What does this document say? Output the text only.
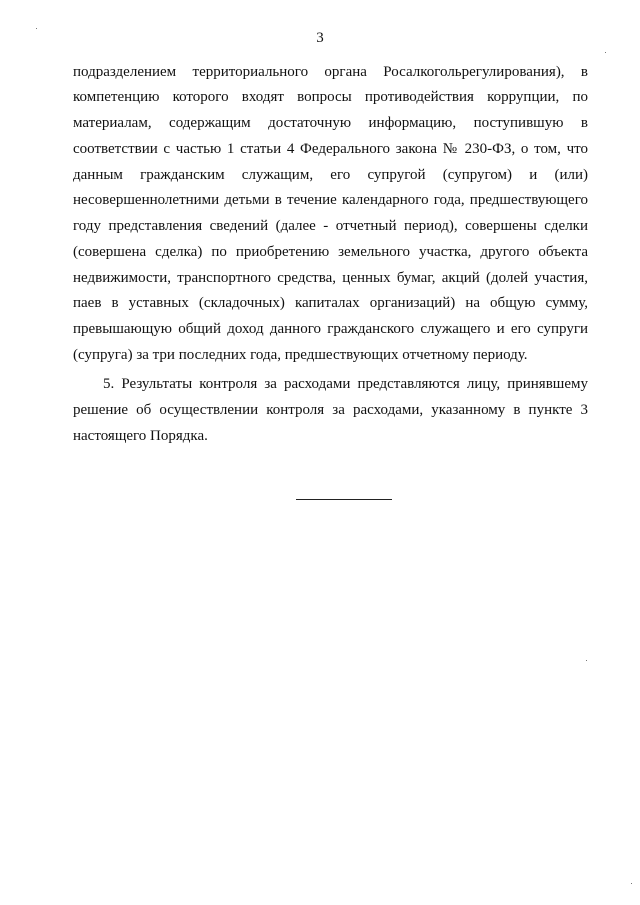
3
подразделением территориального органа Росалкогольрегулирования), в
компетенцию которого входят вопросы противодействия коррупции, по
материалам, содержащим достаточную информацию, поступившую в
соответствии с частью 1 статьи 4 Федерального закона № 230-ФЗ, о том, что
данным гражданским служащим, его супругой (супругом) и (или)
несовершеннолетними детьми в течение календарного года, предшествующего
году представления сведений (далее - отчетный период), совершены сделки
(совершена сделка) по приобретению земельного участка, другого объекта
недвижимости, транспортного средства, ценных бумаг, акций (долей участия,
паев в уставных (складочных) капиталах организаций) на общую сумму,
превышающую общий доход данного гражданского служащего и его супруги
(супруга) за три последних года, предшествующих отчетному периоду.
5. Результаты контроля за расходами представляются лицу, принявшему
решение об осуществлении контроля за расходами, указанному в пункте 3
настоящего Порядка.
